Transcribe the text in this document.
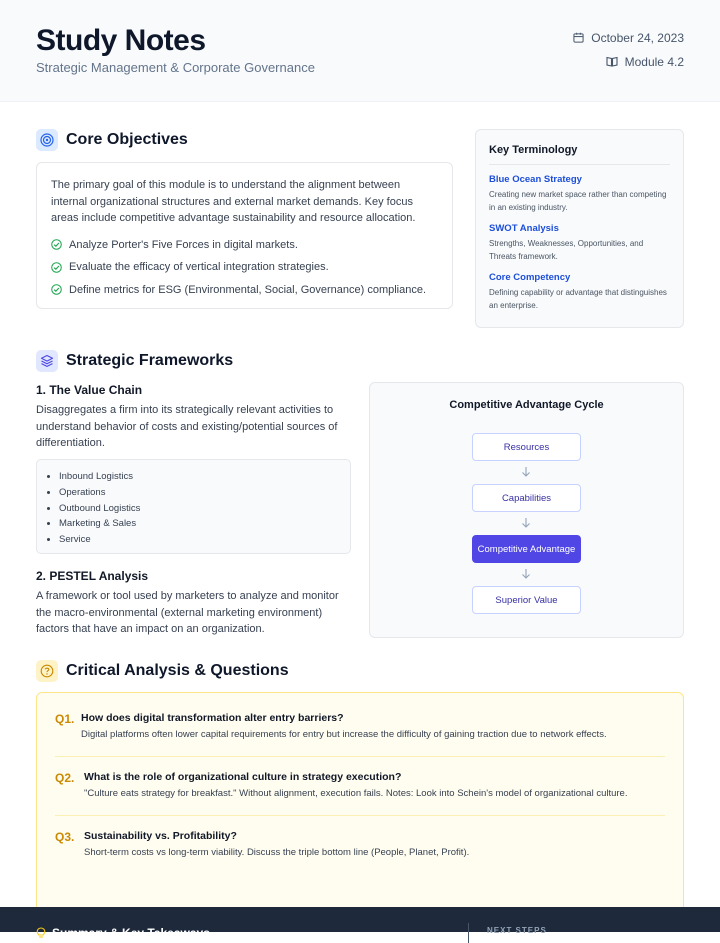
Study Notes
Strategic Management & Corporate Governance
October 24, 2023
Module 4.2
Core Objectives

The primary goal of this module is to understand the alignment between internal organizational structures and external market demands. Key focus areas include competitive advantage sustainability and resource allocation.

Analyze Porter's Five Forces in digital markets.
Evaluate the efficacy of vertical integration strategies.
Define metrics for ESG (Environmental, Social, Governance) compliance.
Key Terminology
Blue Ocean Strategy
Creating new market space rather than competing in an existing industry.
SWOT Analysis
Strengths, Weaknesses, Opportunities, and Threats framework.
Core Competency
Defining capability or advantage that distinguishes an enterprise.
Strategic Frameworks
1. The Value Chain

Disaggregates a firm into its strategically relevant activities to understand behavior of costs and existing/potential sources of differentiation.

• Inbound Logistics
• Operations
• Outbound Logistics
• Marketing & Sales
• Service
2. PESTEL Analysis

A framework or tool used by marketers to analyze and monitor the macro-environmental (external marketing environment) factors that have an impact on an organization.

Competitive Advantage Cycle
Resources
Capabilities
Competitive Advantage
Superior Value
Critical Analysis & Questions
Q1. How does digital transformation alter entry barriers?
Digital platforms often lower capital requirements for entry but increase the difficulty of gaining traction due to network effects.
Q2. What is the role of organizational culture in strategy execution?
"Culture eats strategy for breakfast." Without alignment, execution fails. Notes: Look into Schein's model of organizational culture.
Q3. Sustainability vs. Profitability?
Short-term costs vs long-term viability. Discuss the triple bottom line (People, Planet, Profit).
Summary & Key Takeaways	NEXT STEPS
